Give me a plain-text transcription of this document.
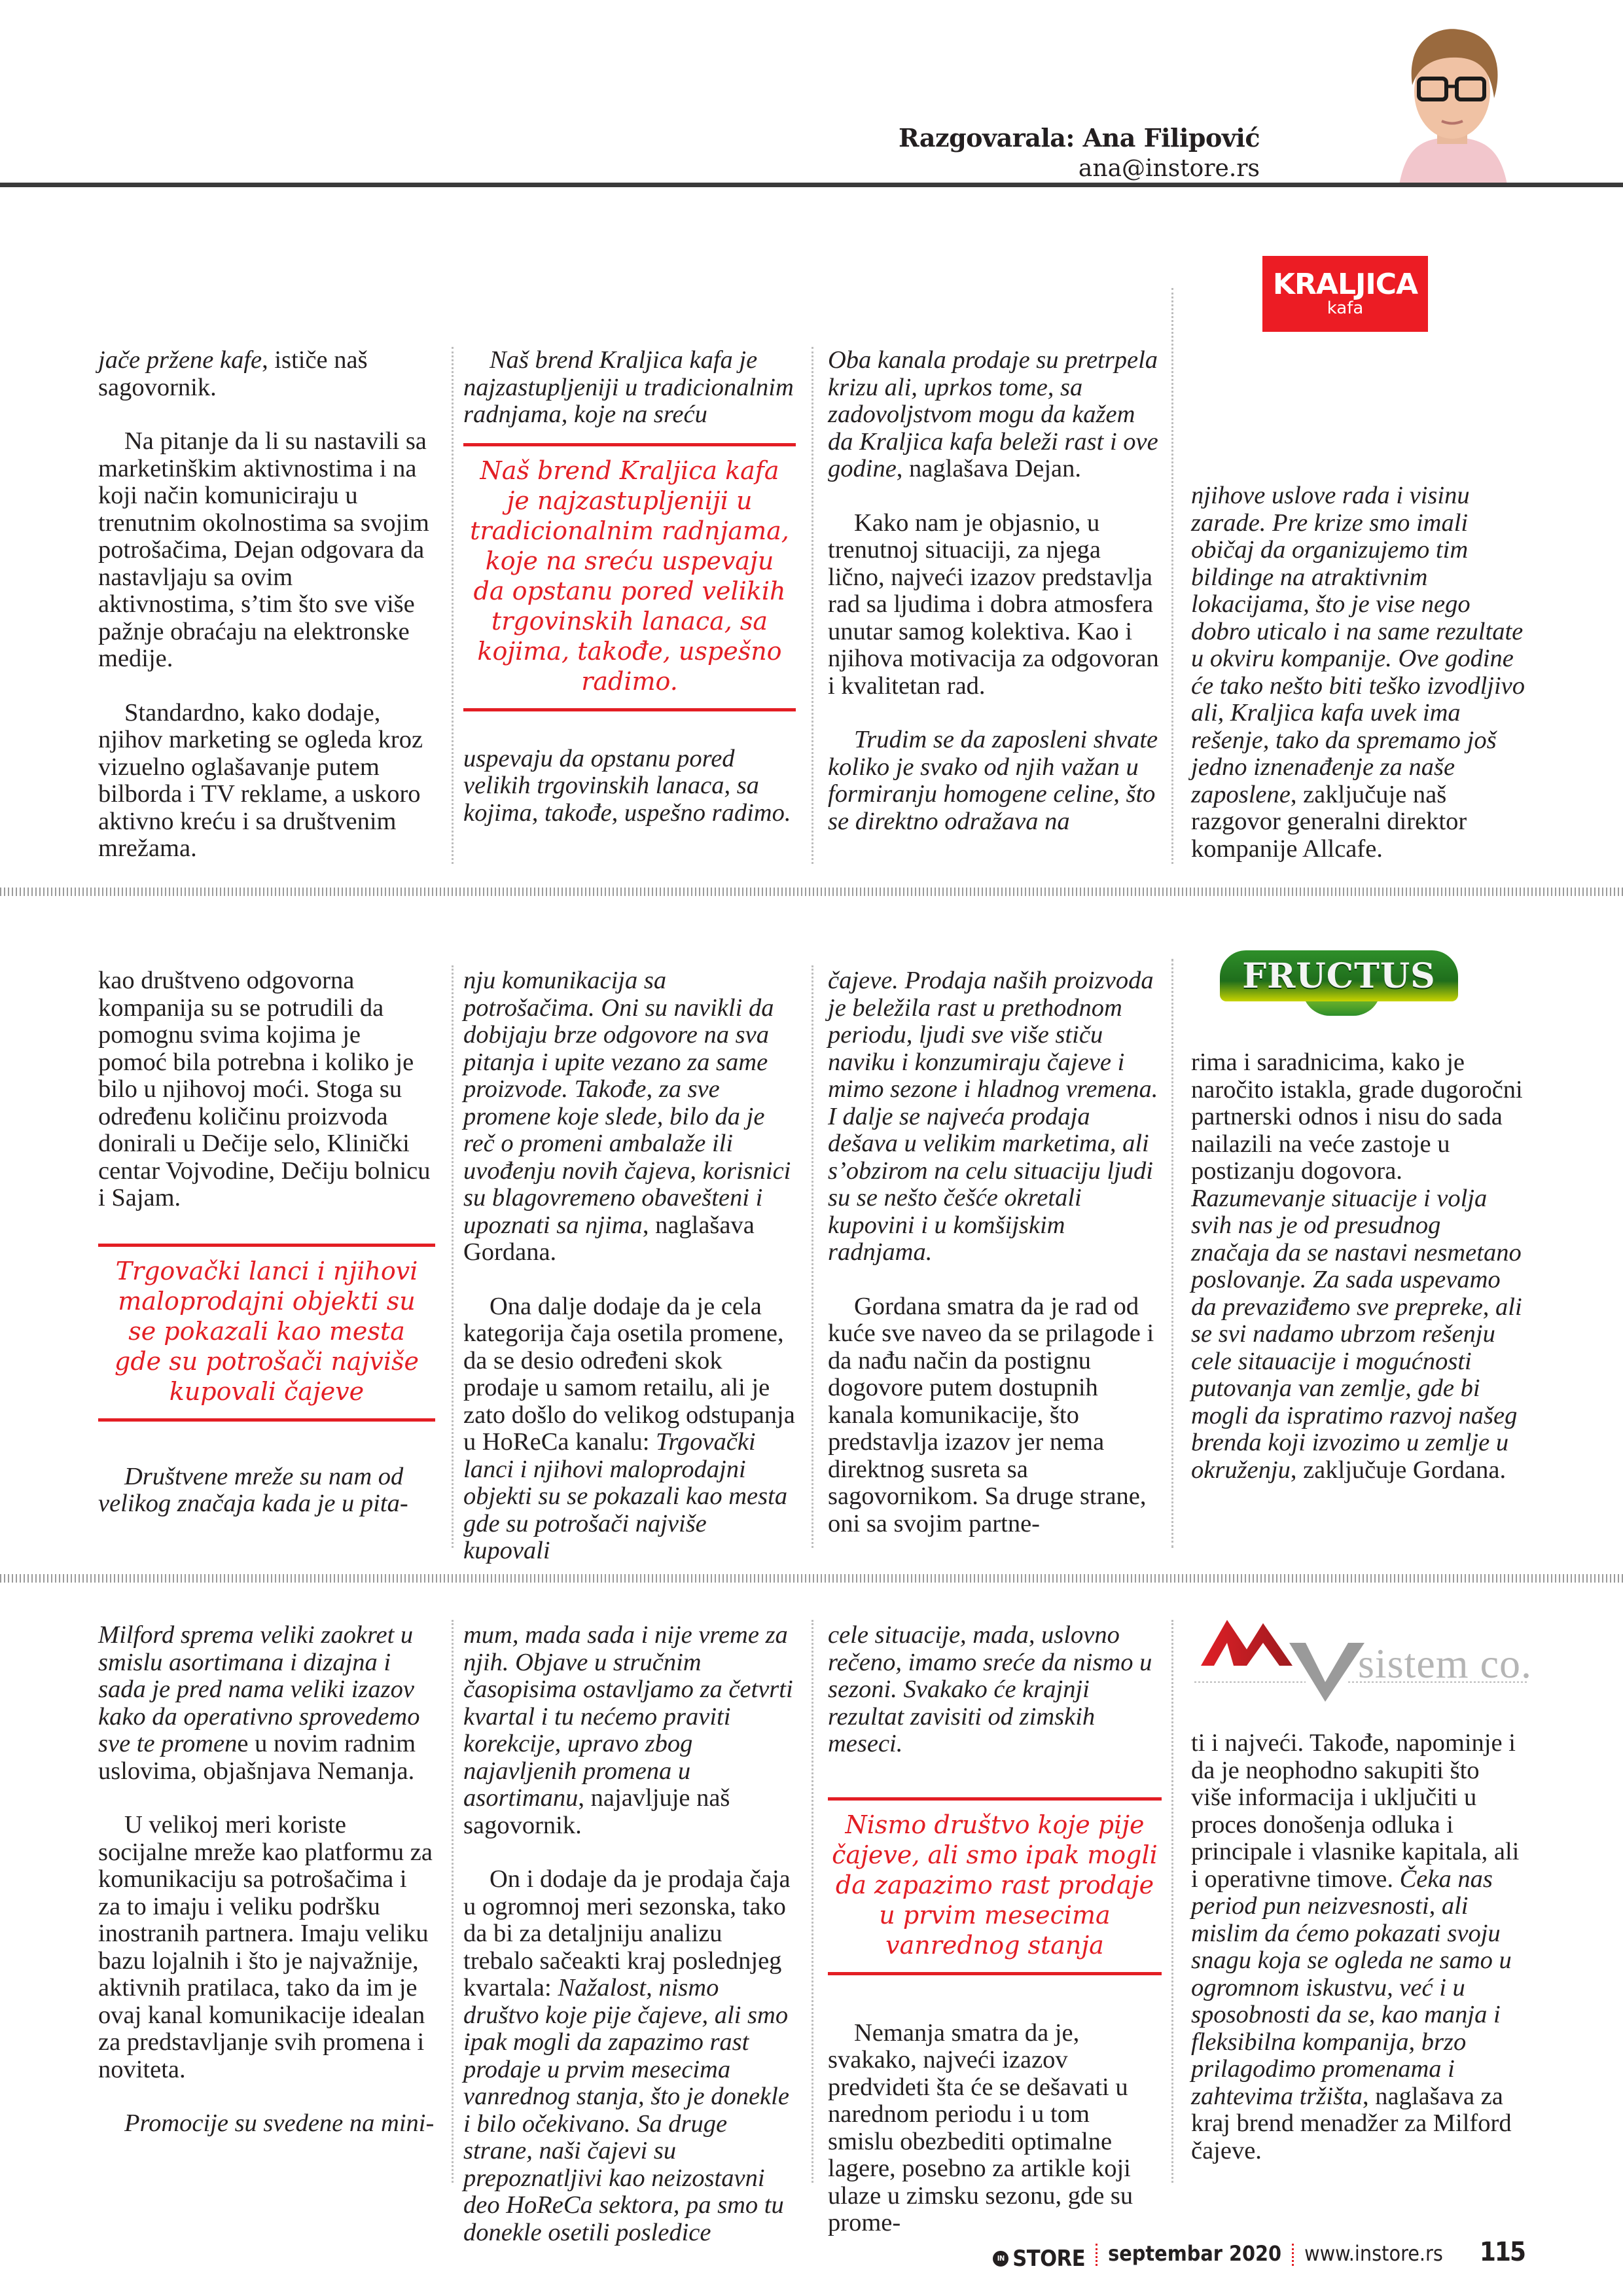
Razgovarala: Ana Filipović
ana@instore.rs
KRALJICA
kafa

jače pržene kafe, ističe naš sagovornik.

Na pitanje da li su nastavili sa marketinškim aktivnostima i na koji način komuniciraju u trenutnim okolnostima sa svojim potrošačima, Dejan odgovara da nastavljaju sa ovim aktivnostima, s’tim što sve više pažnje obraćaju na elektronske medije.

Standardno, kako dodaje, njihov marketing se ogleda kroz vizuelno oglašavanje putem bilborda i TV reklame, a uskoro aktivno kreću i sa društvenim mrežama.

Naš brend Kraljica kafa je najzastupljeniji u tradicionalnim radnjama, koje na sreću

Naš brend Kraljica kafa je najzastupljeniji u tradicionalnim radnjama, koje na sreću uspevaju da opstanu pored velikih trgovinskih lanaca, sa kojima, takođe, uspešno radimo.

uspevaju da opstanu pored velikih trgovinskih lanaca, sa kojima, takođe, uspešno radimo.

Oba kanala prodaje su pretrpela krizu ali, uprkos tome, sa zadovoljstvom mogu da kažem da Kraljica kafa beleži rast i ove godine, naglašava Dejan.

Kako nam je objasnio, u trenutnoj situaciji, za njega lično, najveći izazov predstavlja rad sa ljudima i dobra atmosfera unutar samog kolektiva. Kao i njihova motivacija za odgovoran i kvalitetan rad.

Trudim se da zaposleni shvate koliko je svako od njih važan u formiranju homogene celine, što se direktno odražava na

njihove uslove rada i visinu zarade. Pre krize smo imali običaj da organizujemo tim bildinge na atraktivnim lokacijama, što je vise nego dobro uticalo i na same rezultate u okviru kompanije. Ove godine će tako nešto biti teško izvodljivo ali, Kraljica kafa uvek ima rešenje, tako da spremamo još jedno iznenađenje za naše zaposlene, zaključuje naš razgovor generalni direktor kompanije Allcafe.

FRUCTUS

kao društveno odgovorna kompanija su se potrudili da pomognu svima kojima je pomoć bila potrebna i koliko je bilo u njihovoj moći. Stoga su određenu količinu proizvoda donirali u Dečije selo, Klinički centar Vojvodine, Dečiju bolnicu i Sajam.

Trgovački lanci i njihovi maloprodajni objekti su se pokazali kao mesta gde su potrošači najviše kupovali čajeve

Društvene mreže su nam od velikog značaja kada je u pita-

nju komunikacija sa potrošačima. Oni su navikli da dobijaju brze odgovore na sva pitanja i upite vezano za same proizvode. Takođe, za sve promene koje slede, bilo da je reč o promeni ambalaže ili uvođenju novih čajeva, korisnici su blagovremeno obavešteni i upoznati sa njima, naglašava Gordana.

Ona dalje dodaje da je cela kategorija čaja osetila promene, da se desio određeni skok prodaje u samom retailu, ali je zato došlo do velikog odstupanja u HoReCa kanalu: Trgovački lanci i njihovi maloprodajni objekti su se pokazali kao mesta gde su potrošači najviše kupovali

čajeve. Prodaja naših proizvoda je beležila rast u prethodnom periodu, ljudi sve više stiču naviku i konzumiraju čajeve i mimo sezone i hladnog vremena. I dalje se najveća prodaja dešava u velikim marketima, ali s’obzirom na celu situaciju ljudi su se nešto češće okretali kupovini i u komšijskim radnjama.

Gordana smatra da je rad od kuće sve naveo da se prilagode i da nađu način da postignu dogovore putem dostupnih kanala komunikacije, što predstavlja izazov jer nema direktnog susreta sa sagovornikom. Sa druge strane, oni sa svojim partne-

rima i saradnicima, kako je naročito istakla, grade dugoročni partnerski odnos i nisu do sada nailazili na veće zastoje u postizanju dogovora. Razumevanje situacije i volja svih nas je od presudnog značaja da se nastavi nesmetano poslovanje. Za sada uspevamo da prevaziđemo sve prepreke, ali se svi nadamo ubrzom rešenju cele sitauacije i mogućnosti putovanja van zemlje, gde bi mogli da ispratimo razvoj našeg brenda koji izvozimo u zemlje u okruženju, zaključuje Gordana.

sistem co.

Milford sprema veliki zaokret u smislu asortimana i dizajna i sada je pred nama veliki izazov kako da operativno sprovedemo sve te promene u novim radnim uslovima, objašnjava Nemanja.

U velikoj meri koriste socijalne mreže kao platformu za komunikaciju sa potrošačima i za to imaju i veliku podršku inostranih partnera. Imaju veliku bazu lojalnih i što je najvažnije, aktivnih pratilaca, tako da im je ovaj kanal komunikacije idealan za predstavljanje svih promena i noviteta.

Promocije su svedene na mini-

mum, mada sada i nije vreme za njih. Objave u stručnim časopisima ostavljamo za četvrti kvartal i tu nećemo praviti korekcije, upravo zbog najavljenih promena u asortimanu, najavljuje naš sagovornik.

On i dodaje da je prodaja čaja u ogromnoj meri sezonska, tako da bi za detaljniju analizu trebalo sačeakti kraj poslednjeg kvartala: Nažalost, nismo društvo koje pije čajeve, ali smo ipak mogli da zapazimo rast prodaje u prvim mesecima vanrednog stanja, što je donekle i bilo očekivano. Sa druge strane, naši čajevi su prepoznatljivi kao neizostavni deo HoReCa sektora, pa smo tu donekle osetili posledice

cele situacije, mada, uslovno rečeno, imamo sreće da nismo u sezoni. Svakako će krajnji rezultat zavisiti od zimskih meseci.

Nismo društvo koje pije čajeve, ali smo ipak mogli da zapazimo rast prodaje u prvim mesecima vanrednog stanja

Nemanja smatra da je, svakako, najveći izazov predvideti šta će se dešavati u narednom periodu i u tom smislu obezbediti optimalne lagere, posebno za artikle koji ulaze u zimsku sezonu, gde su prome-

ti i najveći. Takođe, napominje i da je neophodno sakupiti što više informacija i uključiti u proces donošenja odluka i principale i vlasnike kapitala, ali i operativne timove. Čeka nas period pun neizvesnosti, ali mislim da ćemo pokazati svoju snagu koja se ogleda ne samo u ogromnom iskustvu, već i u sposobnosti da se, kao manja i fleksibilna kompanija, brzo prilagodimo promenama i zahtevima tržišta, naglašava za kraj brend menadžer za Milford čajeve.

IN STORE septembar 2020 www.instore.rs 115
